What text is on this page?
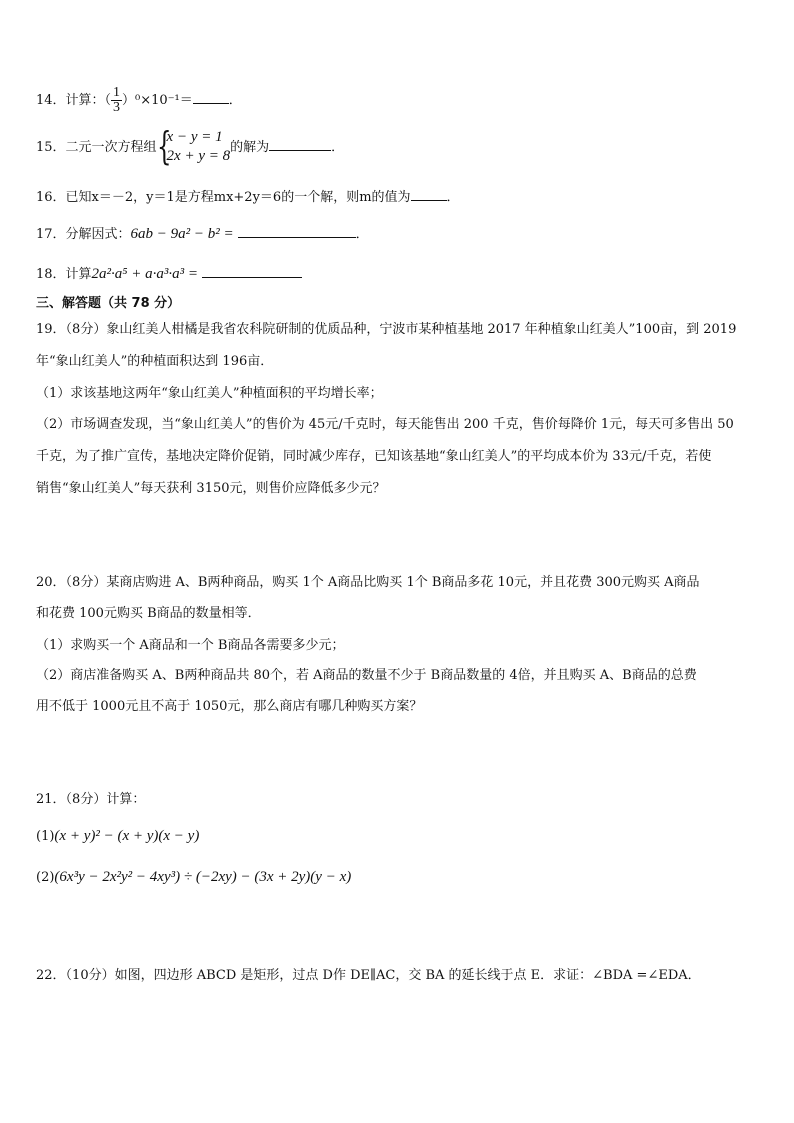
14．计算：（ $\frac{1}{3} )^0\times 10^{-1}=$	．
15．二元一次方程组 {
x − y = 1
2x + y = 8
的解为	．
16．已知x＝－2，y＝1是方程mx+2y＝6的一个解，则m的值为	．
17．分解因式：6ab − 9a² − b² =	．
18．计算2a²·a⁵ + a·a³·a³ =
三、解答题（共 78 分）
19．（8分）象山红美人柑橘是我省农科院研制的优质品种，宁波市某种植基地 2017 年种植象山红美人”100亩，到 2019
年“象山红美人”的种植面积达到 196亩．
（1）求该基地这两年“象山红美人”种植面积的平均增长率；
（2）市场调查发现，当“象山红美人”的售价为 45元/千克时，每天能售出 200 千克，售价每降价 1元，每天可多售出 50
千克，为了推广宣传，基地决定降价促销，同时减少库存，已知该基地“象山红美人”的平均成本价为 33元/千克，若使
销售“象山红美人”每天获利 3150元，则售价应降低多少元？
20．（8分）某商店购进 A、B两种商品，购买 1个 A商品比购买 1个 B商品多花 10元，并且花费 300元购买 A商品
和花费 100元购买 B商品的数量相等．
（1）求购买一个 A商品和一个 B商品各需要多少元；
（2）商店准备购买 A、B两种商品共 80个，若 A商品的数量不少于 B商品数量的 4倍，并且购买 A、B商品的总费
用不低于 1000元且不高于 1050元，那么商店有哪几种购买方案？
21．（8分）计算：
(1)(x + y)² − (x + y)(x − y)
(2)(6x³y − 2x²y² − 4xy³) ÷ (−2xy) − (3x + 2y)(y − x)
22．（10分）如图，四边形 ABCD 是矩形，过点 D作 DE∥AC，交 BA 的延长线于点 E．求证：∠BDA =∠EDA．
